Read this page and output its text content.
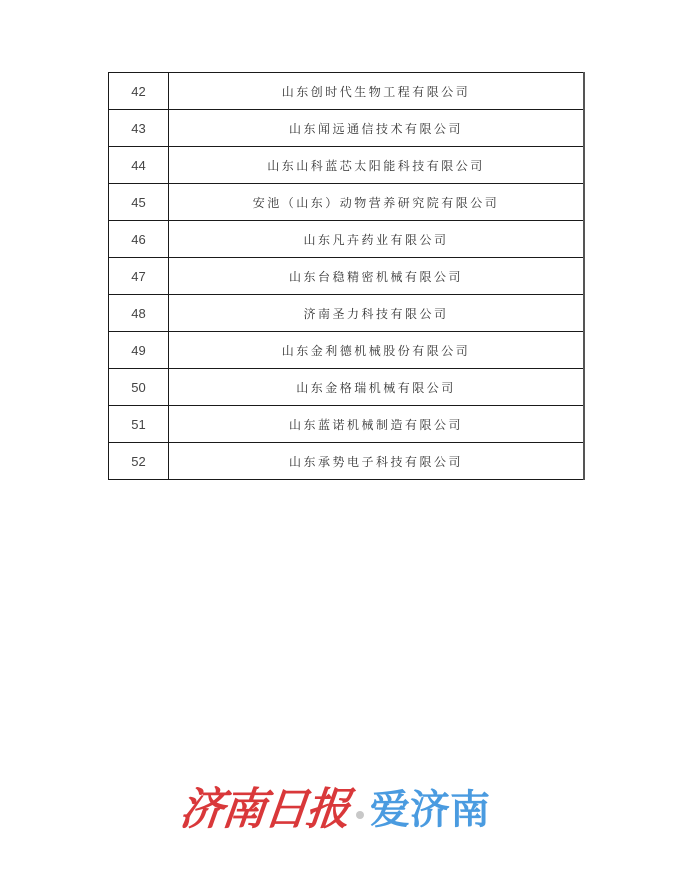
42	山东创时代生物工程有限公司
43	山东闻远通信技术有限公司
44	山东山科蓝芯太阳能科技有限公司
45	安池（山东）动物营养研究院有限公司
46	山东凡卉药业有限公司
47	山东台稳精密机械有限公司
48	济南圣力科技有限公司
49	山东金利德机械股份有限公司
50	山东金格瑞机械有限公司
51	山东蓝诺机械制造有限公司
52	山东承势电子科技有限公司
济南日报 爱济南
